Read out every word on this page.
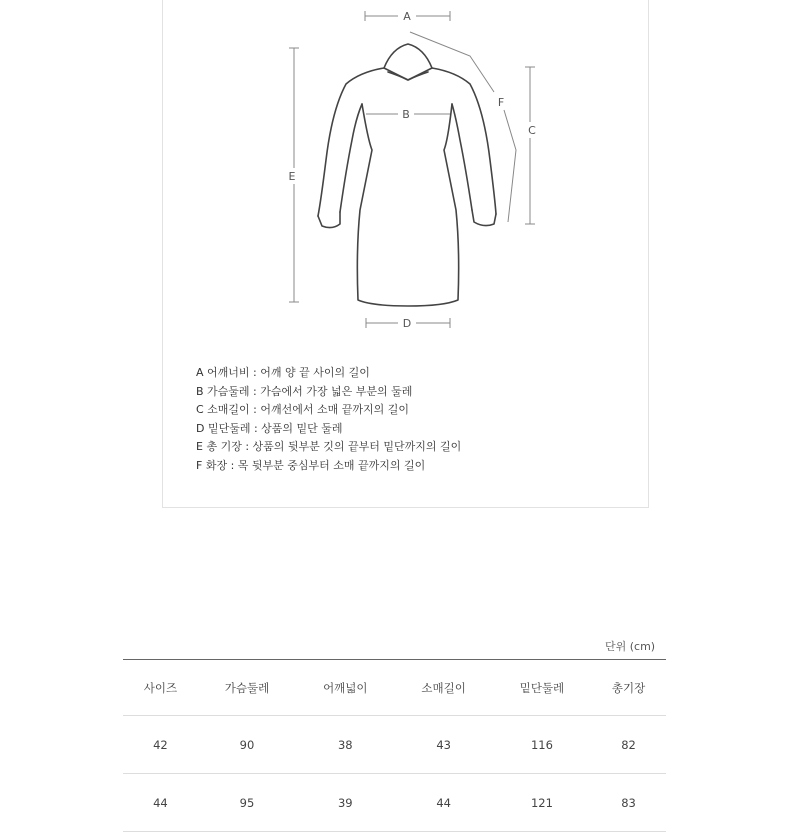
A
B
C
D
E
F
A 어깨너비 : 어깨 양 끝 사이의 길이
B 가슴둘레 : 가슴에서 가장 넓은 부분의 둘레
C 소매길이 : 어깨선에서 소매 끝까지의 길이
D 밑단둘레 : 상품의 밑단 둘레
E 총 기장 : 상품의 뒷부분 깃의 끝부터 밑단까지의 길이
F 화장 : 목 뒷부분 중심부터 소매 끝까지의 길이
단위 (cm)
사이즈	가슴둘레	어깨넓이	소매길이	밑단둘레	총기장
42	90	38	43	116	82
44	95	39	44	121	83
